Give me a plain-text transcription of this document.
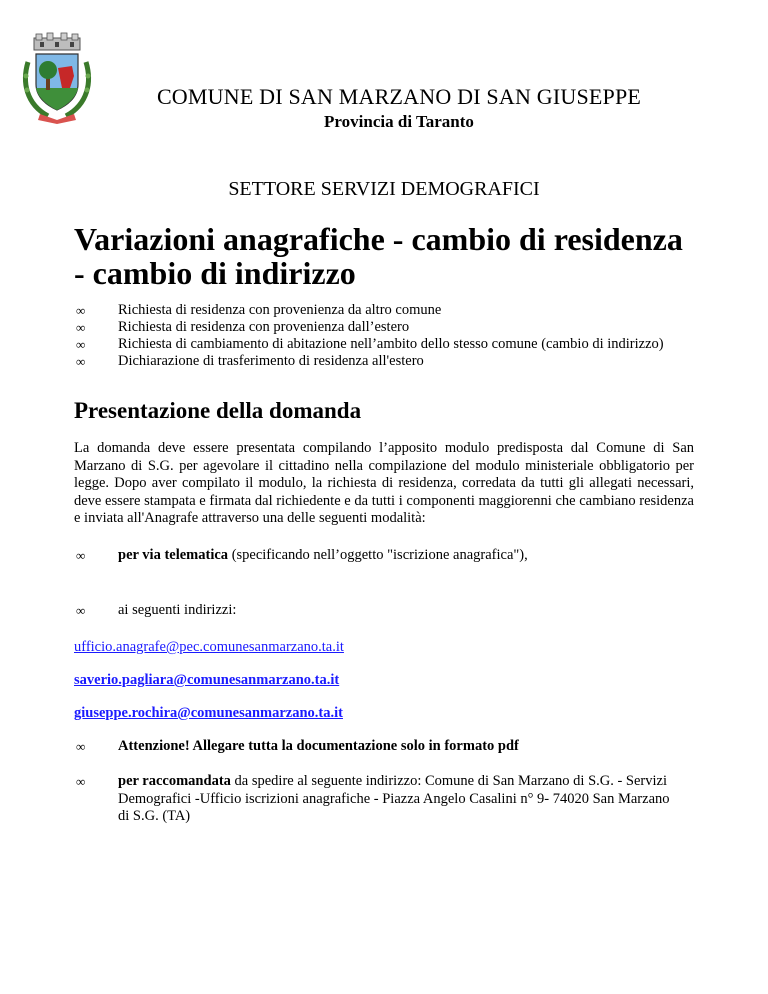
COMUNE DI SAN MARZANO DI SAN GIUSEPPE
Provincia di Taranto
SETTORE SERVIZI DEMOGRAFICI
Variazioni anagrafiche - cambio di residenza - cambio di indirizzo
∞ Richiesta di residenza con provenienza da altro comune
∞ Richiesta di residenza con provenienza dall’estero
∞ Richiesta di cambiamento di abitazione nell’ambito dello stesso comune (cambio di indirizzo)
∞ Dichiarazione di trasferimento di residenza all'estero
Presentazione della domanda

La domanda deve essere presentata compilando l’apposito modulo predisposta dal Comune di San Marzano di S.G. per agevolare il cittadino nella compilazione del modulo ministeriale obbligatorio per legge. Dopo aver compilato il modulo, la richiesta di residenza, corredata da tutti gli allegati necessari, deve essere stampata e firmata dal richiedente e da tutti i componenti maggiorenni che cambiano residenza e inviata all'Anagrafe attraverso una delle seguenti modalità:

∞	per via telematica (specificando nell’oggetto "iscrizione anagrafica"),
∞	ai seguenti indirizzi:
ufficio.anagrafe@pec.comunesanmarzano.ta.it
saverio.pagliara@comunesanmarzano.ta.it
giuseppe.rochira@comunesanmarzano.ta.it
∞	Attenzione! Allegare tutta la documentazione solo in formato pdf
∞	per raccomandata da spedire al seguente indirizzo: Comune di San Marzano di S.G. - Servizi Demografici -Ufficio iscrizioni anagrafiche - Piazza Angelo Casalini n° 9- 74020 San Marzano di S.G. (TA)
